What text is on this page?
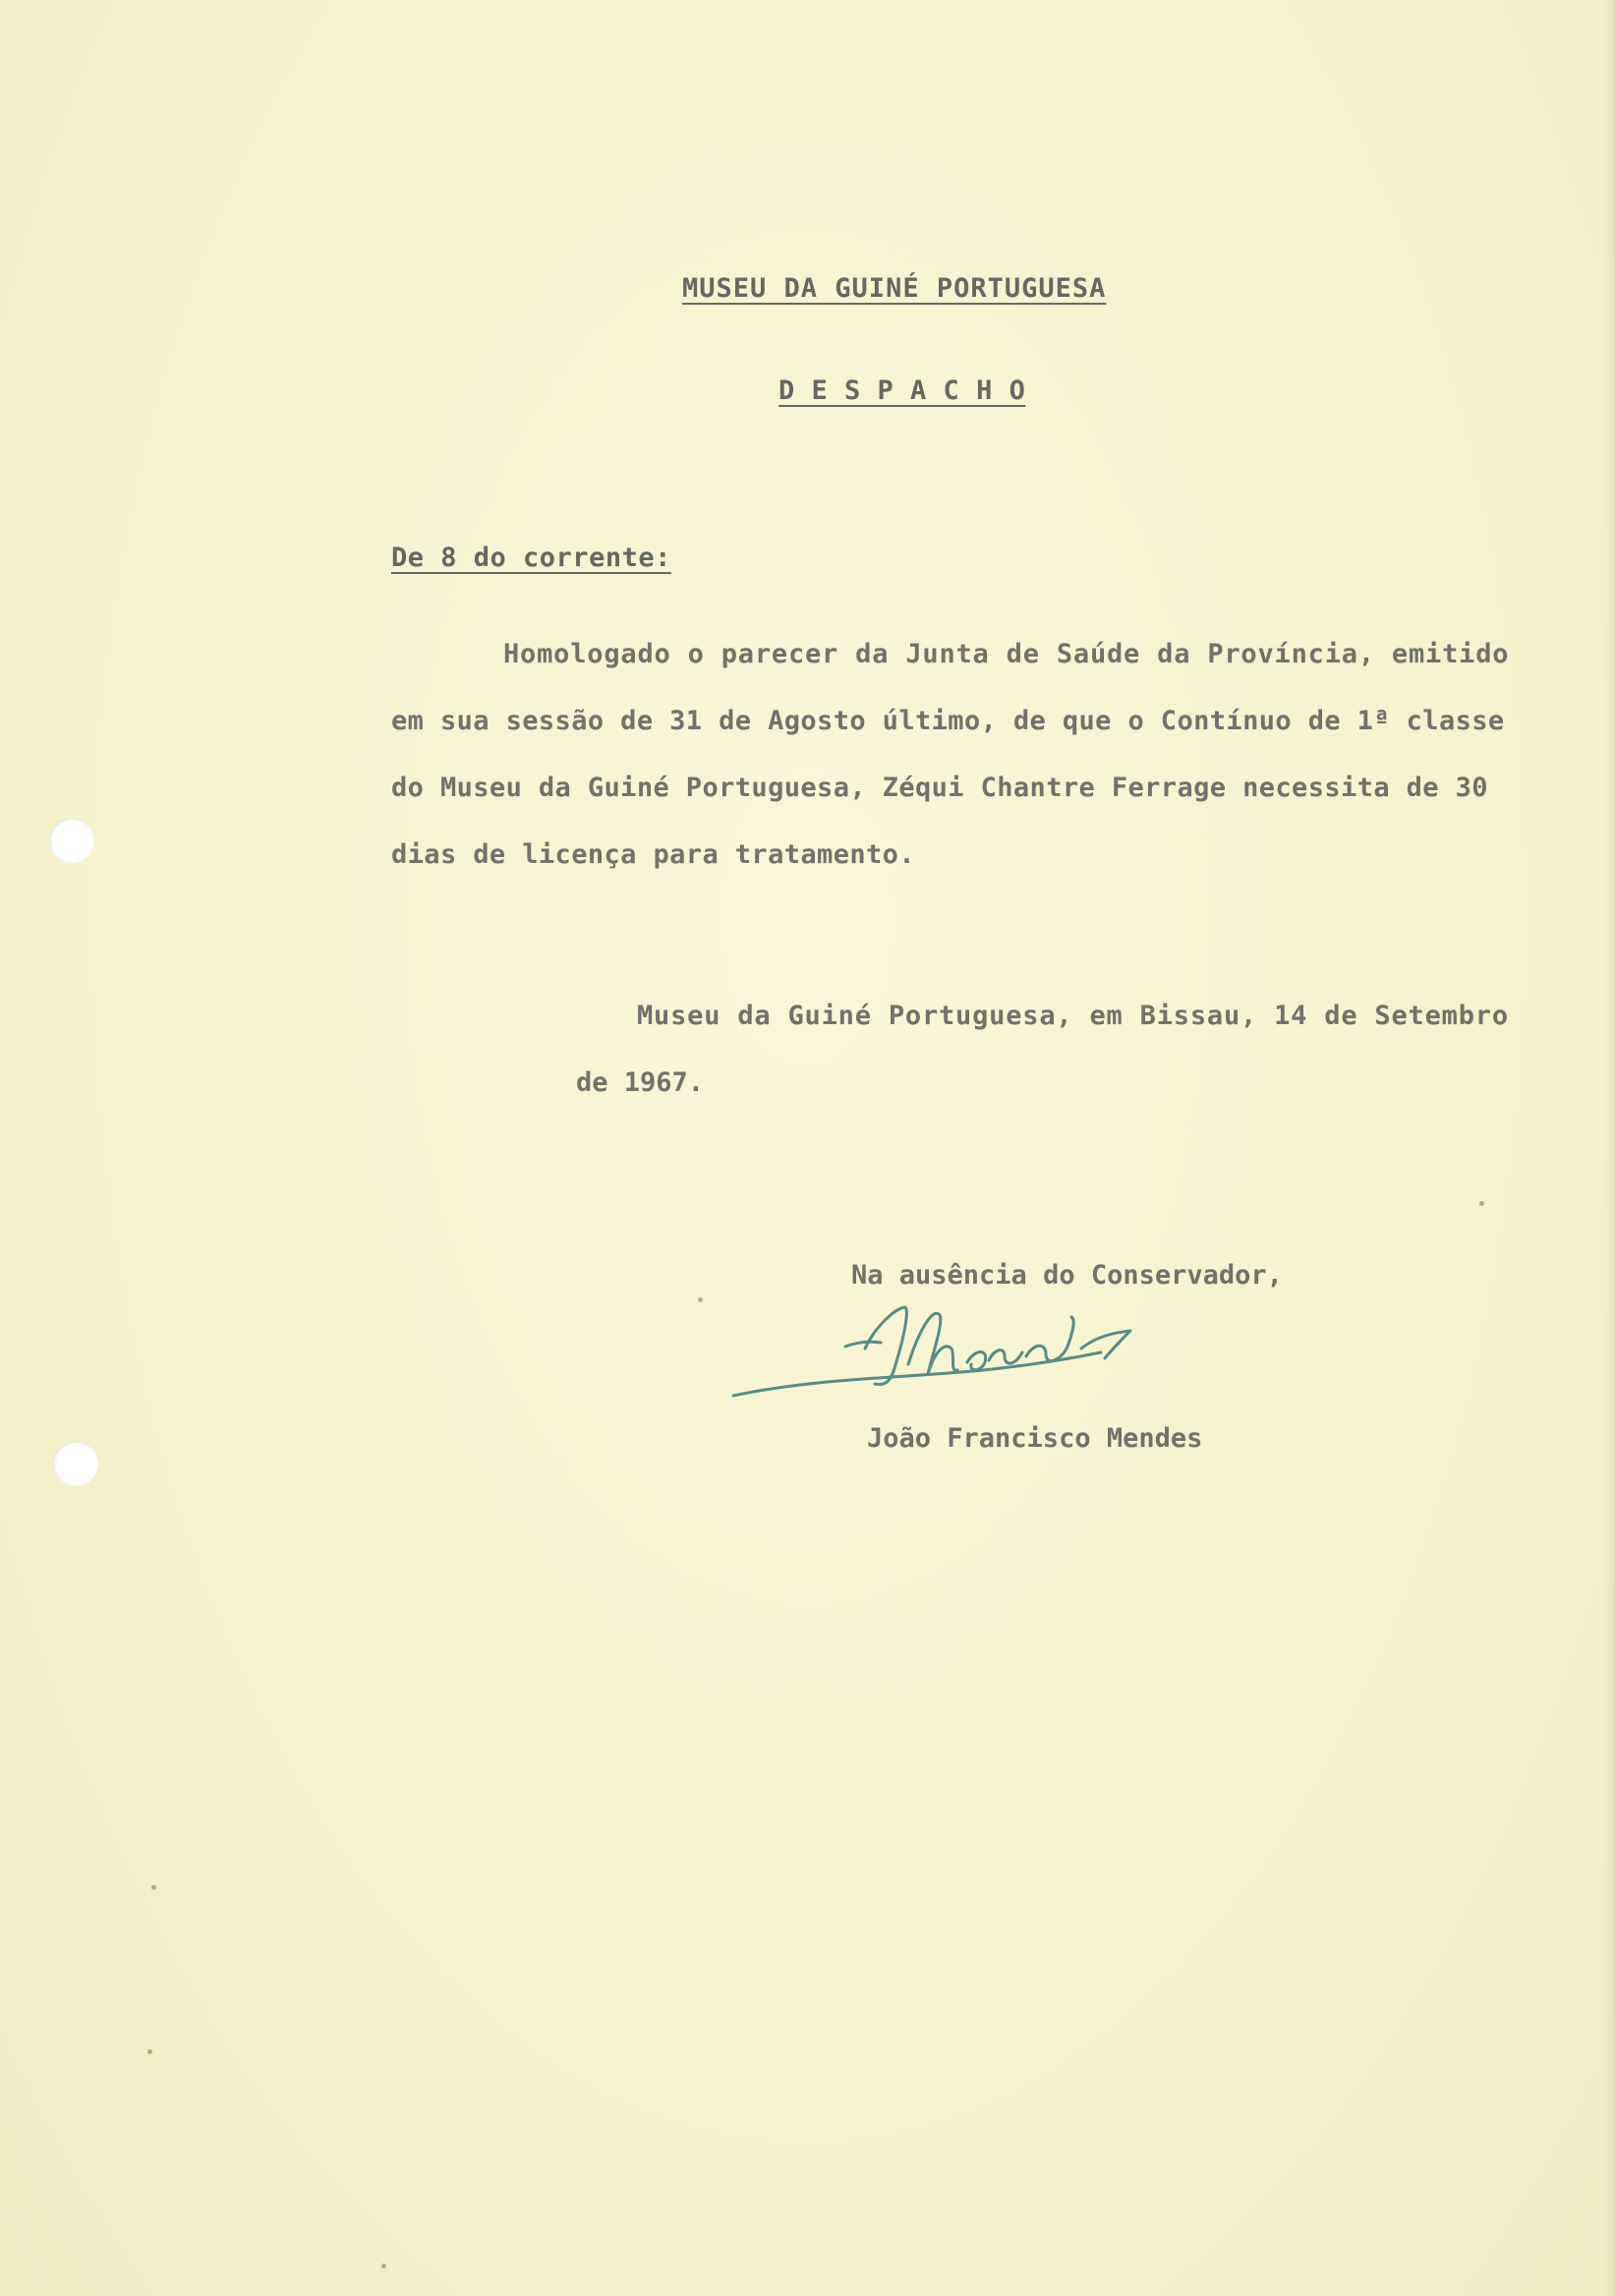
MUSEU DA GUINÉ PORTUGUESA
D E S P A C H O
De 8 do corrente:
Homologado o parecer da Junta de Saúde da Província, emitido
em sua sessão de 31 de Agosto último, de que o Contínuo de 1ª classe
do Museu da Guiné Portuguesa, Zéqui Chantre Ferrage necessita de 30
dias de licença para tratamento.
Museu da Guiné Portuguesa, em Bissau, 14 de Setembro
de 1967.
Na ausência do Conservador,
João Francisco Mendes
